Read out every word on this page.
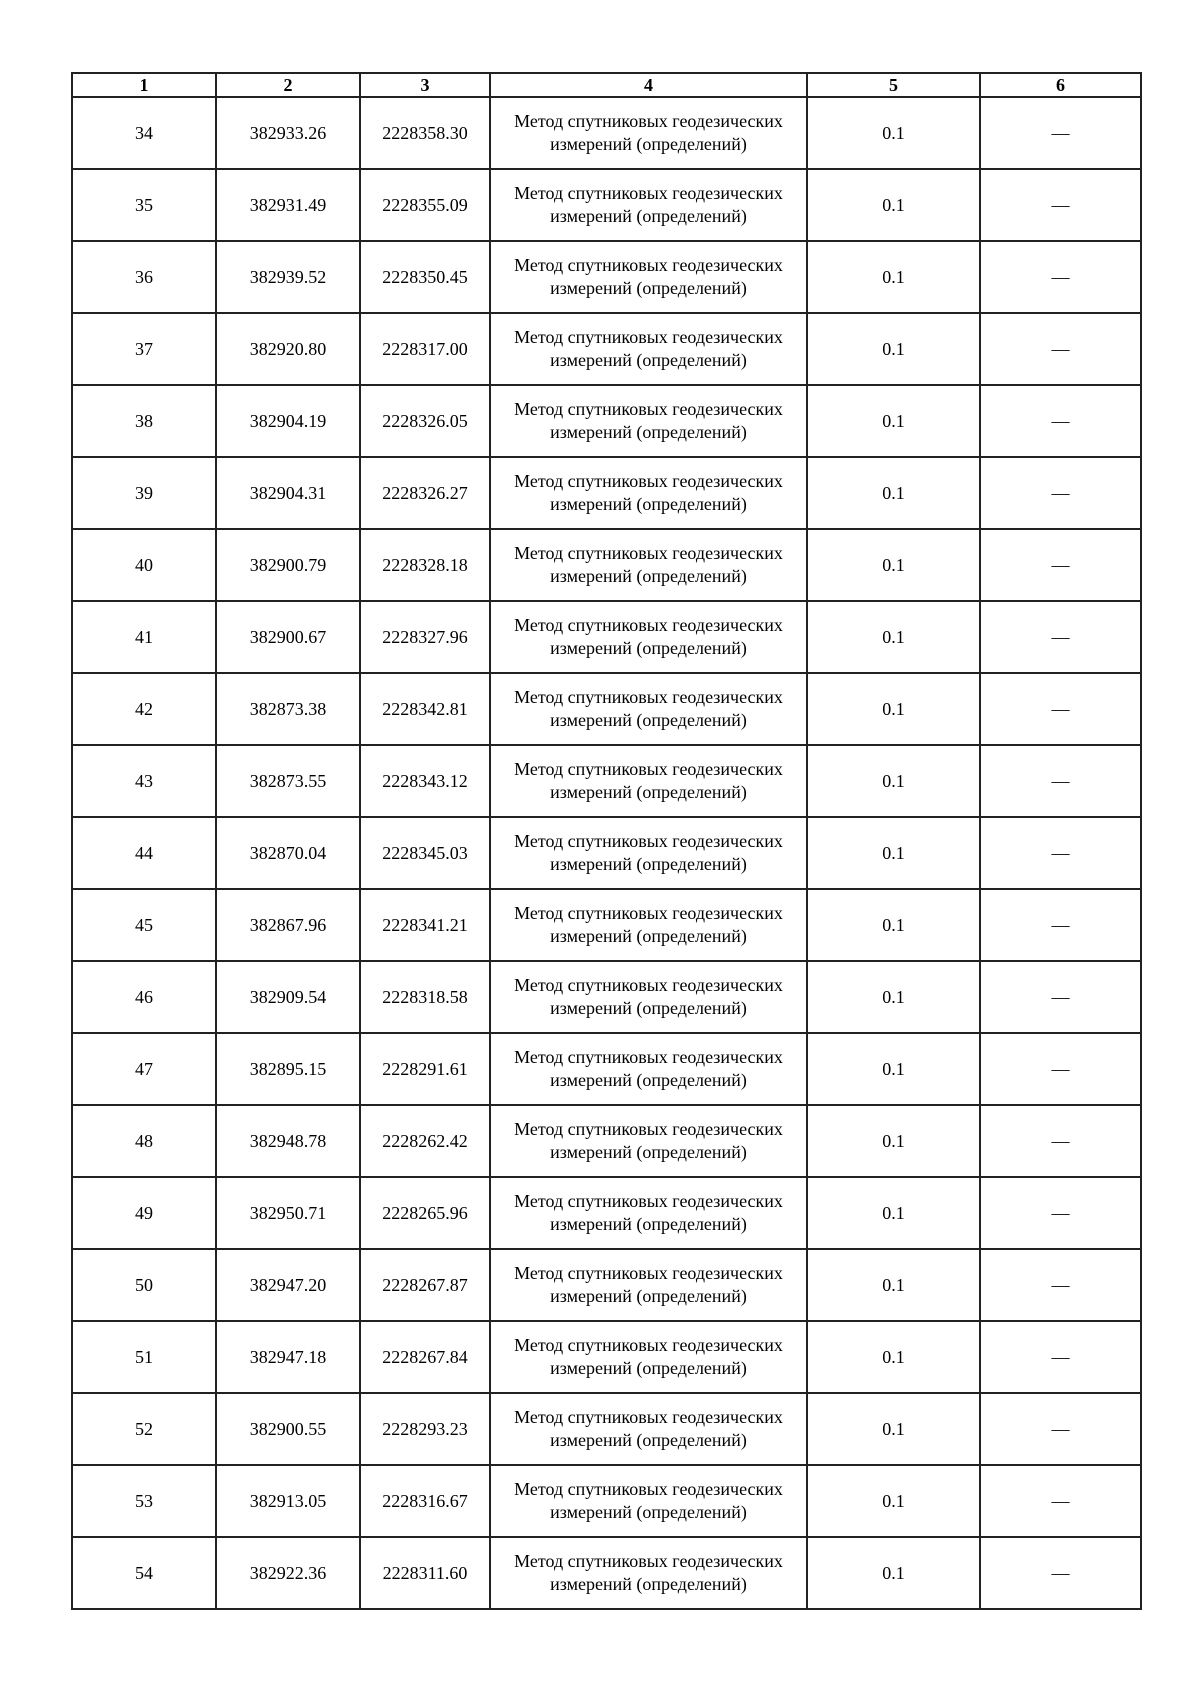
1	2	3	4	5	6
34	382933.26	2228358.30	Метод спутниковых геодезических измерений (определений)	0.1	—
35	382931.49	2228355.09	Метод спутниковых геодезических измерений (определений)	0.1	—
36	382939.52	2228350.45	Метод спутниковых геодезических измерений (определений)	0.1	—
37	382920.80	2228317.00	Метод спутниковых геодезических измерений (определений)	0.1	—
38	382904.19	2228326.05	Метод спутниковых геодезических измерений (определений)	0.1	—
39	382904.31	2228326.27	Метод спутниковых геодезических измерений (определений)	0.1	—
40	382900.79	2228328.18	Метод спутниковых геодезических измерений (определений)	0.1	—
41	382900.67	2228327.96	Метод спутниковых геодезических измерений (определений)	0.1	—
42	382873.38	2228342.81	Метод спутниковых геодезических измерений (определений)	0.1	—
43	382873.55	2228343.12	Метод спутниковых геодезических измерений (определений)	0.1	—
44	382870.04	2228345.03	Метод спутниковых геодезических измерений (определений)	0.1	—
45	382867.96	2228341.21	Метод спутниковых геодезических измерений (определений)	0.1	—
46	382909.54	2228318.58	Метод спутниковых геодезических измерений (определений)	0.1	—
47	382895.15	2228291.61	Метод спутниковых геодезических измерений (определений)	0.1	—
48	382948.78	2228262.42	Метод спутниковых геодезических измерений (определений)	0.1	—
49	382950.71	2228265.96	Метод спутниковых геодезических измерений (определений)	0.1	—
50	382947.20	2228267.87	Метод спутниковых геодезических измерений (определений)	0.1	—
51	382947.18	2228267.84	Метод спутниковых геодезических измерений (определений)	0.1	—
52	382900.55	2228293.23	Метод спутниковых геодезических измерений (определений)	0.1	—
53	382913.05	2228316.67	Метод спутниковых геодезических измерений (определений)	0.1	—
54	382922.36	2228311.60	Метод спутниковых геодезических измерений (определений)	0.1	—
